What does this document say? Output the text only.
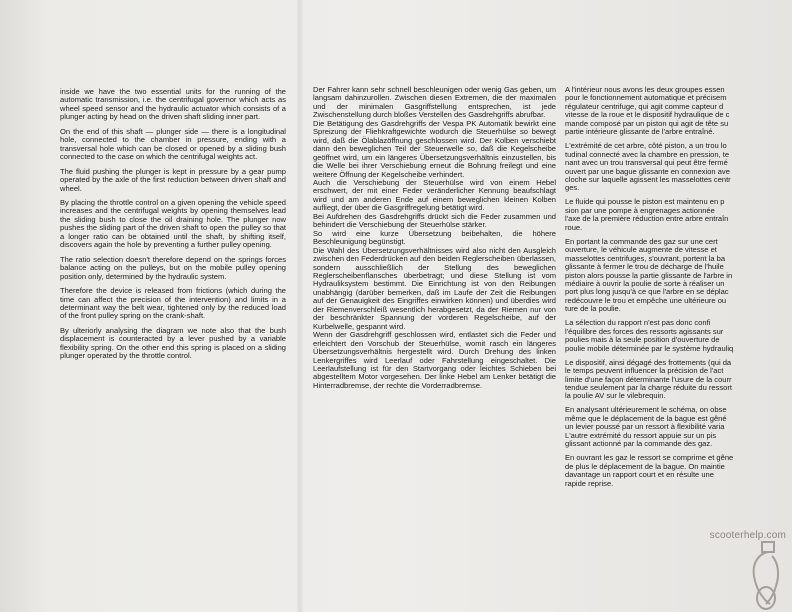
inside we have the two essential units for the running of the automatic transmission, i.e. the centrifugal governor which acts as wheel speed sensor and the hydraulic actuator which consists of a plunger acting by head on the driven shaft sliding inner part.

On the end of this shaft — plunger side — there is a longitudinal hole, connected to the chamber in pressure, ending with a transversal hole which can be closed or opened by a sliding bush connected to the case on which the centrifugal weights act.

The fluid pushing the plunger is kept in pressure by a gear pump operated by the axle of the first reduction between driven shaft and wheel.

By placing the throttle control on a given opening the vehicle speed increases and the centrifugal weights by opening themselves lead the sliding bush to close the oil draining hole. The plunger now pushes the sliding part of the driven shaft to open the pulley so that a longer ratio can be obtained until the shaft, by shifting itself, discovers again the hole by preventing a further pulley opening.

The ratio selection doesn't therefore depend on the springs forces balance acting on the pulleys, but on the mobile pulley opening position only, determined by the hydraulic system.

Therefore the device is released from frictions (which during the time can affect the precision of the intervention) and limits in a determinant way the belt wear, tightened only by the reduced load of the front pulley spring on the crank-shaft.

By ulteriorly analysing the diagram we note also that the bush displacement is counteracted by a lever pushed by a variable flexibility spring. On the other end this spring is placed on a sliding plunger operated by the throttle control.

Der Fahrer kann sehr schnell beschleunigen oder wenig Gas geben, um langsam dahinzurollen. Zwischen diesen Extremen, die der maximalen und der minimalen Gasgriffstellung entsprechen, ist jede Zwischenstellung durch bloßes Verstellen des Gasdrehgriffs abrufbar.

Die Betätigung des Gasdrehgriffs der Vespa PK Automatik bewirkt eine Spreizung der Fliehkraftgewichte wodurch die Steuerhülse so bewegt wird, daß die Ölablazöffnung geschlossen wird. Der Kolben verschiebt dann den beweglichen Teil der Steuerwelle so, daß die Kegelscheibe geöffnet wird, um ein längeres Übersetzungsverhältnis einzustellen, bis die Welle bei ihrer Verschiebung erneut die Bohrung freilegt und eine weitere Öffnung der Kegelscheibe verhindert.

Auch die Verschiebung der Steuerhülse wird von einem Hebel erschwert, der mit einer Feder veränderlicher Kennung beaufschlagt wird und am anderen Ende auf einem beweglichen kleinen Kolben aufliegt, der über die Gasgriffregelung betätigt wird.

Bei Aufdrehen des Gasdrehgriffs drückt sich die Feder zusammen und behindert die Verschiebung der Steuerhülse stärker.

So wird eine kurze Übersetzung beibehalten, die höhere Beschleunigung begünstigt.

Die Wahl des Übersetzungsverhältnisses wird also nicht den Ausgleich zwischen den Federdrücken auf den beiden Reglerscheiben überlassen, sondern ausschließlich der Stellung des beweglichen Reglerscheibenflansches überbetragt; und diese Stellung ist vom Hydrauliksystem bestimmt. Die Einrichtung ist von den Reibungen unabhängig (darüber bemerken, daß im Laufe der Zeit die Reibungen auf der Genauigkeit des Eingriffes einwirken können) und überdies wird der Riemenverschleiß wesentlich herabgesetzt, da der Riemen nur von der beschränkter Spannung der vorderen Regelscheibe, auf der Kurbelwelle, gespannt wird.

Wenn der Gasdrehgriff geschlossen wird, entlastet sich die Feder und erleichtert den Vorschub der Steuerhülse, womit rasch ein längeres Übersetzungsverhältnis hergestellt wird. Durch Drehung des linken Lenkergriffes wird Leerlauf oder Fahrstellung eingeschaltet. Die Leerlaufstellung ist für den Startvorgang oder leichtes Schieben bei abgestelltem Motor vorgesehen. Der linke Hebel am Lenker betätigt die Hinterradbremse, der rechte die Vorderradbremse.

A l'intérieur nous avons les deux groupes essen
pour le fonctionnement automatique et précisem
régulateur centrifuge, qui agit comme capteur d
vitesse de la roue et le dispositif hydraulique de c
mande composé par un piston qui agit de tête su
partie intérieure glissante de l'arbre entraîné.

L'extrémité de cet arbre, côté piston, a un trou lo
tudinal connecté avec la chambre en pression, te
nant avec un trou transversal qui peut être fermé
ouvert par une bague glissante en connexion ave
cloche sur laquelle agissent les masselottes centr
ges.

Le fluide qui pousse le piston est maintenu en p
sion par une pompe à engrenages actionnée
l'axe de la première réduction entre arbre entraîn
roue.

En portant la commande des gaz sur une cert
ouverture, le véhicule augmente de vitesse et
masselottes centrifuges, s'ouvrant, portent la ba
glissante à fermer le trou de décharge de l'huile
piston alors pousse la partie glissante de l'arbre in
médiaire à ouvrir la poulie de sorte à réaliser un
port plus long jusqu'à ce que l'arbre en se déplac
redécouvre le trou et empêche une ultérieure ou
ture de la poulie.

La sélection du rapport n'est pas donc confi
l'équilibre des forces des ressorts agissants sur
poulies mais à la seule position d'ouverture de
poulie mobile déterminée par le système hydrauliq

Le dispositif, ainsi dégagé des frottements (qui da
le temps peuvent influencer la précision de l'act
limite d'une façon déterminante l'usure de la courr
tendue seulement par la charge réduite du ressort
la poulie AV sur le vilebrequin.

En analysant ultérieurement le schéma, on obse
même que le déplacement de la bague est gêné
un levier poussé par un ressort à flexibilité varia
L'autre extrémité du ressort appuie sur un pis
glissant actionné par la commande des gaz.

En ouvrant les gaz le ressort se comprime et gêne
de plus le déplacement de la bague. On maintie
davantage un rapport court et en résulte une
rapide reprise.

scooterhelp.com
